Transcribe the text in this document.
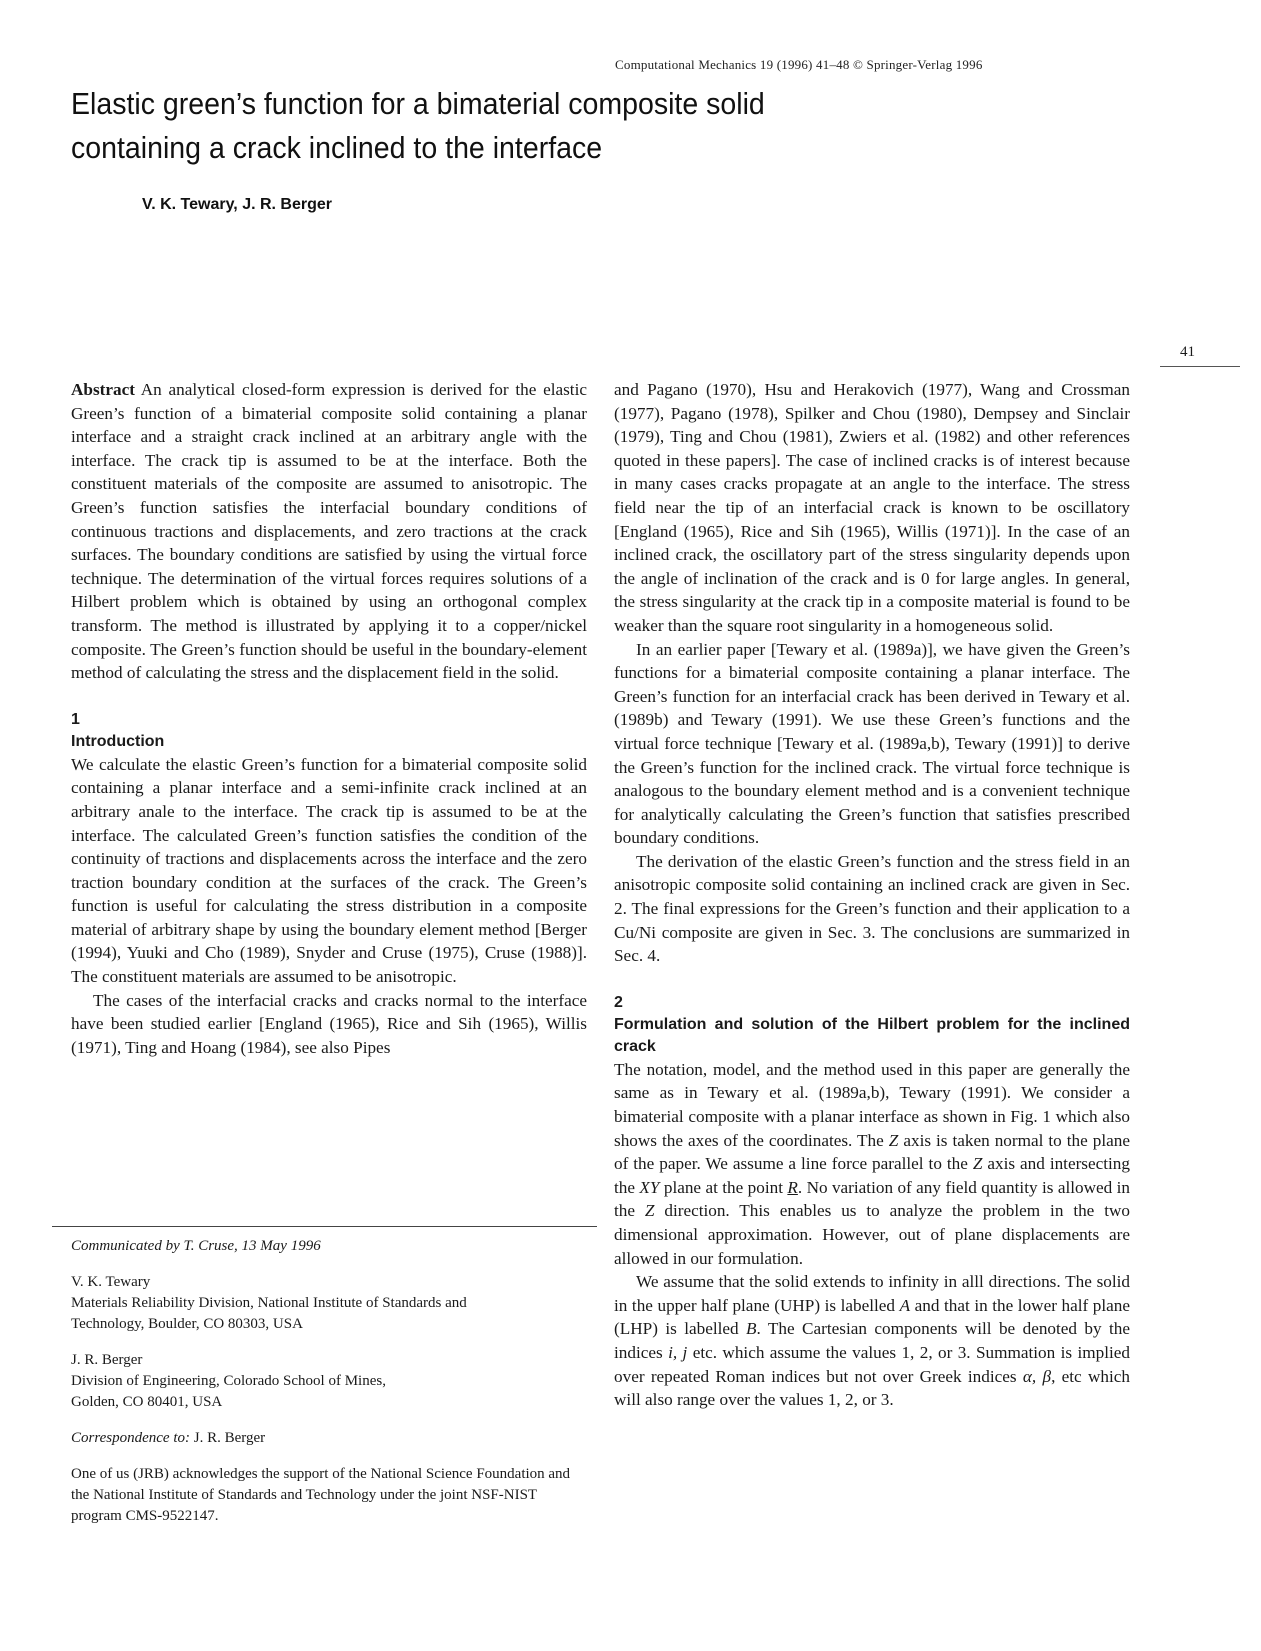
Computational Mechanics 19 (1996) 41–48 © Springer-Verlag 1996
Elastic green’s function for a bimaterial composite solid
containing a crack inclined to the interface
V. K. Tewary, J. R. Berger
41

Abstract An analytical closed-form expression is derived for the elastic Green’s function of a bimaterial composite solid containing a planar interface and a straight crack inclined at an arbitrary angle with the interface. The crack tip is assumed to be at the interface. Both the constituent materials of the composite are assumed to anisotropic. The Green’s function satisfies the interfacial boundary conditions of continuous tractions and displacements, and zero tractions at the crack surfaces. The boundary conditions are satisfied by using the virtual force technique. The determination of the virtual forces requires solutions of a Hilbert problem which is obtained by using an orthogonal complex transform. The method is illustrated by applying it to a copper/nickel composite. The Green’s function should be useful in the boundary-element method of calculating the stress and the displacement field in the solid.

1
Introduction

We calculate the elastic Green’s function for a bimaterial composite solid containing a planar interface and a semi-infinite crack inclined at an arbitrary anale to the interface. The crack tip is assumed to be at the interface. The calculated Green’s function satisfies the condition of the continuity of tractions and displacements across the interface and the zero traction boundary condition at the surfaces of the crack. The Green’s function is useful for calculating the stress distribution in a composite material of arbitrary shape by using the boundary element method [Berger (1994), Yuuki and Cho (1989), Snyder and Cruse (1975), Cruse (1988)]. The constituent materials are assumed to be anisotropic.

The cases of the interfacial cracks and cracks normal to the interface have been studied earlier [England (1965), Rice and Sih (1965), Willis (1971), Ting and Hoang (1984), see also Pipes

and Pagano (1970), Hsu and Herakovich (1977), Wang and Crossman (1977), Pagano (1978), Spilker and Chou (1980), Dempsey and Sinclair (1979), Ting and Chou (1981), Zwiers et al. (1982) and other references quoted in these papers]. The case of inclined cracks is of interest because in many cases cracks propagate at an angle to the interface. The stress field near the tip of an interfacial crack is known to be oscillatory [England (1965), Rice and Sih (1965), Willis (1971)]. In the case of an inclined crack, the oscillatory part of the stress singularity depends upon the angle of inclination of the crack and is 0 for large angles. In general, the stress singularity at the crack tip in a composite material is found to be weaker than the square root singularity in a homogeneous solid.

In an earlier paper [Tewary et al. (1989a)], we have given the Green’s functions for a bimaterial composite containing a planar interface. The Green’s function for an interfacial crack has been derived in Tewary et al. (1989b) and Tewary (1991). We use these Green’s functions and the virtual force technique [Tewary et al. (1989a,b), Tewary (1991)] to derive the Green’s function for the inclined crack. The virtual force technique is analogous to the boundary element method and is a convenient technique for analytically calculating the Green’s function that satisfies prescribed boundary conditions.

The derivation of the elastic Green’s function and the stress field in an anisotropic composite solid containing an inclined crack are given in Sec. 2. The final expressions for the Green’s function and their application to a Cu/Ni composite are given in Sec. 3. The conclusions are summarized in Sec. 4.

2
Formulation and solution of the Hilbert problem for the inclined crack

The notation, model, and the method used in this paper are generally the same as in Tewary et al. (1989a,b), Tewary (1991). We consider a bimaterial composite with a planar interface as shown in Fig. 1 which also shows the axes of the coordinates. The Z axis is taken normal to the plane of the paper. We assume a line force parallel to the Z axis and intersecting the XY plane at the point R. No variation of any field quantity is allowed in the Z direction. This enables us to analyze the problem in the two dimensional approximation. However, out of plane displacements are allowed in our formulation.

We assume that the solid extends to infinity in alll directions. The solid in the upper half plane (UHP) is labelled A and that in the lower half plane (LHP) is labelled B. The Cartesian components will be denoted by the indices i, j etc. which assume the values 1, 2, or 3. Summation is implied over repeated Roman indices but not over Greek indices α, β, etc which will also range over the values 1, 2, or 3.

Communicated by T. Cruse, 13 May 1996

V. K. Tewary
Materials Reliability Division, National Institute of Standards and
Technology, Boulder, CO 80303, USA

J. R. Berger
Division of Engineering, Colorado School of Mines,
Golden, CO 80401, USA

Correspondence to: J. R. Berger

One of us (JRB) acknowledges the support of the National Science Foundation and the National Institute of Standards and Technology under the joint NSF-NIST program CMS-9522147.
